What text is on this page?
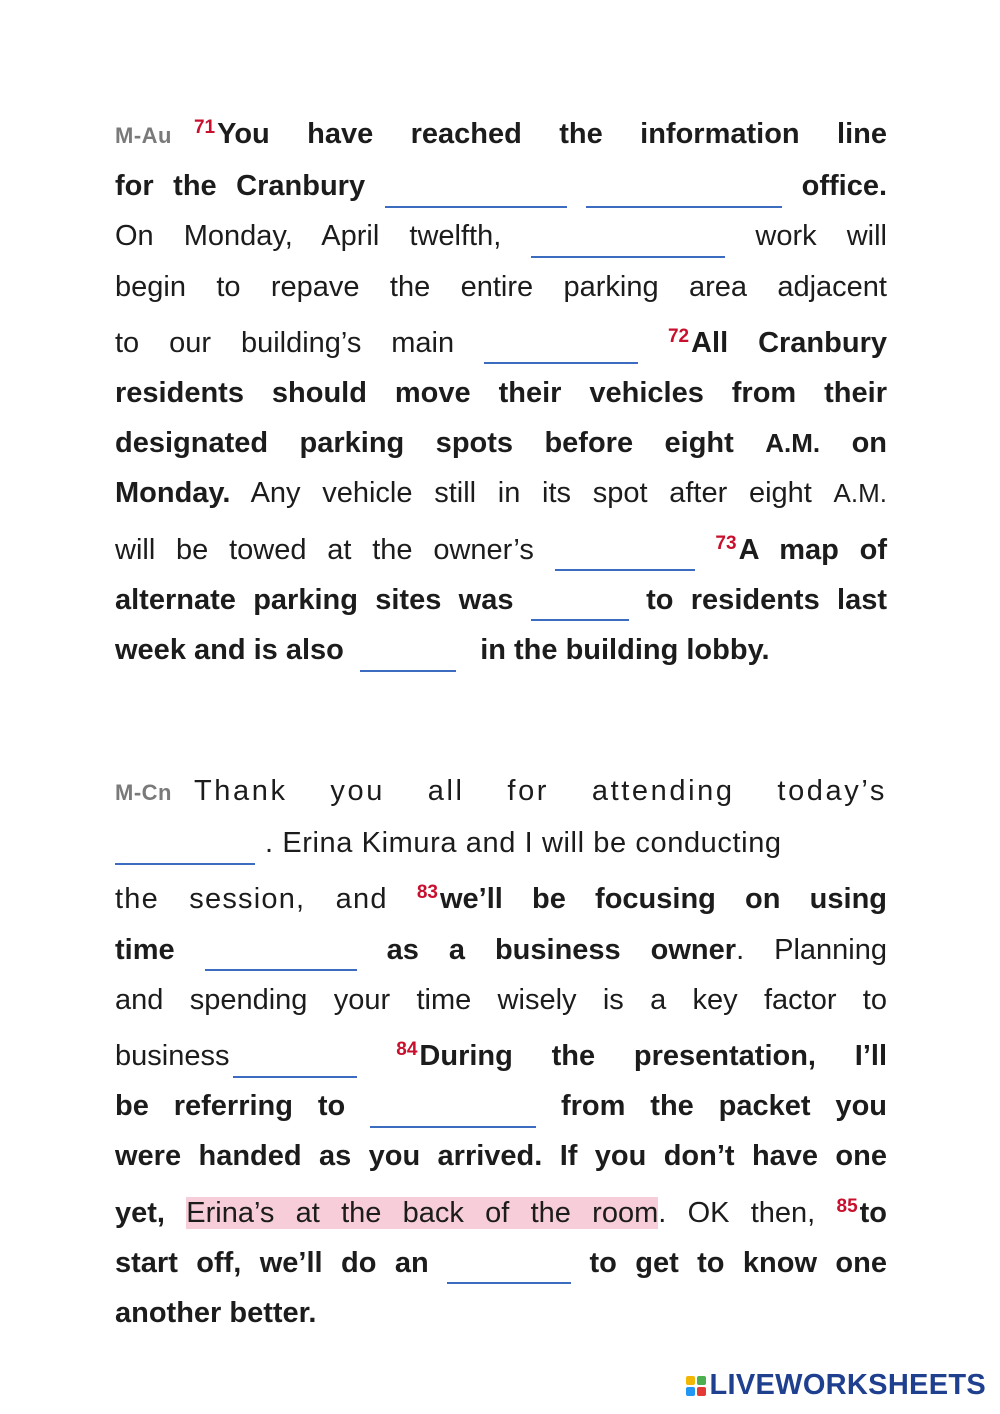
M-Au $^{71}$You have reached the information line
for the Cranbury	office.
On Monday, April twelfth,	work will
begin to repave the entire parking area adjacent
to our building’s main	$^{72}$All Cranbury
residents should move their vehicles from their
designated parking spots before eight A.M. on
Monday. Any vehicle still in its spot after eight A.M.
will be towed at the owner’s	$^{73}$A map of
alternate parking sites was	to residents last
week and is also	in the building lobby.
M-Cn Thank you all for attending today’s
. Erina Kimura and I will be conducting
the session, and $^{83}$we’ll be focusing on using
time	as a business owner. Planning
and spending your time wisely is a key factor to
business	$^{84}$During the presentation, I’ll
be referring to	from the packet you
were handed as you arrived. If you don’t have one
yet, Erina’s at the back of the room. OK then, $^{85}$to
start off, we’ll do an	to get to know one
another better.
LIVEWORKSHEETS
